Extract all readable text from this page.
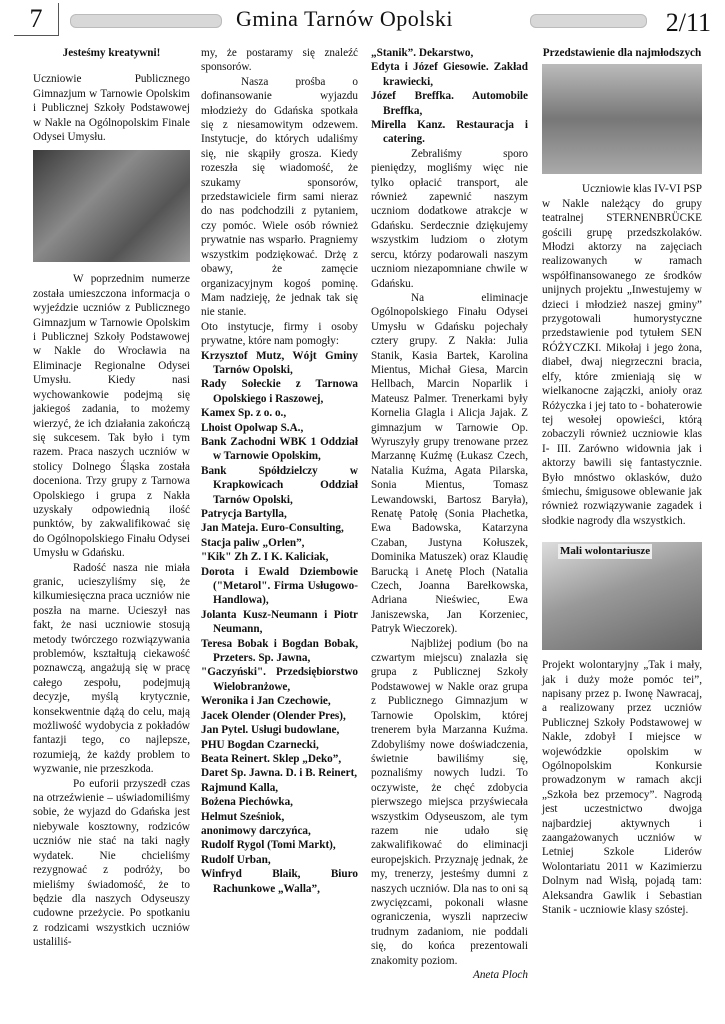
7	Gmina Tarnów Opolski	2/11

Jesteśmy kreatywni!

Uczniowie Publicznego Gimnazjum w Tarnowie Opolskim i Publicznej Szkoły Podstawowej w Nakle na Ogólnopolskim Finale Odysei Umysłu.

W poprzednim numerze została umieszczona informacja o wyjeździe uczniów z Publicznego Gimnazjum w Tarnowie Opolskim i Publicznej Szkoły Podstawowej w Nakle do Wrocławia na Eliminacje Regionalne Odysei Umysłu. Kiedy nasi wychowankowie podejmą się jakiegoś zadania, to możemy wierzyć, że ich działania zakończą się sukcesem. Tak było i tym razem. Praca naszych uczniów w stolicy Dolnego Śląska została doceniona. Trzy grupy z Tarnowa Opolskiego i grupa z Nakła uzyskały odpowiednią ilość punktów, by zakwalifikować się do Ogólnopolskiego Finału Odysei Umysłu w Gdańsku.

Radość nasza nie miała granic, ucieszyliśmy się, że kilkumiesięczna praca uczniów nie poszła na marne. Ucieszył nas fakt, że nasi uczniowie stosują metody twórczego rozwiązywania problemów, kształtują ciekawość poznawczą, angażują się w pracę całego zespołu, podejmują decyzje, myślą krytycznie, konsekwentnie dążą do celu, mają możliwość wydobycia z pokładów fantazji tego, co najlepsze, rozumieją, że każdy problem to wyzwanie, nie przeszkoda.

Po euforii przyszedł czas na otrzeźwienie – uświadomiliśmy sobie, że wyjazd do Gdańska jest niebywale kosztowny, rodziców uczniów nie stać na taki nagły wydatek. Nie chcieliśmy rezygnować z podróży, bo mieliśmy świadomość, że to będzie dla naszych Odyseuszy cudowne przeżycie. Po spotkaniu z rodzicami wszystkich uczniów ustaliliś-

my, że postaramy się znaleźć sponsorów.

Nasza prośba o dofinansowanie wyjazdu młodzieży do Gdańska spotkała się z niesamowitym odzewem. Instytucje, do których udaliśmy się, nie skąpiły grosza. Kiedy rozeszła się wiadomość, że szukamy sponsorów, przedstawiciele firm sami nieraz do nas podchodzili z pytaniem, czy pomóc. Wiele osób również prywatnie nas wsparło. Pragniemy wszystkim podziękować. Drżę z obawy, że zamęcie organizacyjnym kogoś pominę. Mam nadzieję, że jednak tak się nie stanie.

Oto instytucje, firmy i osoby prywatne, które nam pomogły:

Krzysztof Mutz, Wójt Gminy Tarnów Opolski,
Rady Sołeckie z Tarnowa Opolskiego i Raszowej,
Kamex Sp. z o. o.,
Lhoist Opolwap S.A.,
Bank Zachodni WBK 1 Oddział w Tarnowie Opolskim,
Bank Spółdzielczy w Krapkowicach Oddział Tarnów Opolski,
Patrycja Bartylla,
Jan Mateja. Euro-Consulting,
Stacja paliw „Orlen”,
"Kik" Zh Z. I K. Kaliciak,
Dorota i Ewald Dziembowie ("Metarol". Firma Usługowo-Handlowa),
Jolanta Kusz-Neumann i Piotr Neumann,
Teresa Bobak i Bogdan Bobak, Przeters. Sp. Jawna,
"Gaczyński". Przedsiębiorstwo Wielobranżowe,
Weronika i Jan Czechowie,
Jacek Olender (Olender Pres),
Jan Pytel. Usługi budowlane,
PHU Bogdan Czarnecki,
Beata Reinert. Sklep „Deko”,
Daret Sp. Jawna. D. i B. Reinert,
Rajmund Kalla,
Bożena Piechówka,
Helmut Sześniok,
anonimowy darczyńca,
Rudolf Rygol (Tomi Markt),
Rudolf Urban,
Winfryd Blaik, Biuro Rachunkowe „Walla”,
„Stanik”. Dekarstwo,
Edyta i Józef Giesowie. Zakład krawiecki,
Józef Breffka. Automobile Breffka,
Mirella Kanz. Restauracja i catering.

Zebraliśmy sporo pieniędzy, mogliśmy więc nie tylko opłacić transport, ale również zapewnić naszym uczniom dodatkowe atrakcje w Gdańsku. Serdecznie dziękujemy wszystkim ludziom o złotym sercu, którzy podarowali naszym uczniom niezapomniane chwile w Gdańsku.

Na eliminacje Ogólnopolskiego Finału Odysei Umysłu w Gdańsku pojechały cztery grupy. Z Nakła: Julia Stanik, Kasia Bartek, Karolina Mientus, Michał Giesa, Marcin Hellbach, Marcin Noparlik i Mateusz Palmer. Trenerkami były Kornelia Glagla i Alicja Jajak. Z gimnazjum w Tarnowie Op. Wyruszyły grupy trenowane przez Marzannę Kuźmę (Łukasz Czech, Natalia Kuźma, Agata Pilarska, Sonia Mientus, Tomasz Lewandowski, Bartosz Baryła), Renatę Patołę (Sonia Płachetka, Ewa Badowska, Katarzyna Czaban, Justyna Kołuszek, Dominika Matuszek) oraz Klaudię Barucką i Anetę Ploch (Natalia Czech, Joanna Barełkowska, Adriana Nieświec, Ewa Janiszewska, Jan Korzeniec, Patryk Wieczorek).

Najbliżej podium (bo na czwartym miejscu) znalazła się grupa z Publicznej Szkoły Podstawowej w Nakle oraz grupa z Publicznego Gimnazjum w Tarnowie Opolskim, której trenerem była Marzanna Kuźma. Zdobyliśmy nowe doświadczenia, świetnie bawiliśmy się, poznaliśmy nowych ludzi. To oczywiste, że chęć zdobycia pierwszego miejsca przyświecała wszystkim Odyseuszom, ale tym razem nie udało się zakwalifikować do eliminacji europejskich. Przyznaję jednak, że my, trenerzy, jesteśmy dumni z naszych uczniów. Dla nas to oni są zwycięzcami, pokonali własne ograniczenia, wyszli naprzeciw trudnym zadaniom, nie poddali się, do końca prezentowali znakomity poziom.

Aneta Ploch

Przedstawienie dla najmłodszych

Uczniowie klas IV-VI PSP w Nakle należący do grupy teatralnej STERNENBRÜCKE gościli grupę przedszkolaków. Młodzi aktorzy na zajęciach realizowanych w ramach współfinansowanego ze środków unijnych projektu „Inwestujemy w dzieci i młodzież naszej gminy” przygotowali humorystyczne przedstawienie pod tytułem SEN RÓŻYCZKI. Mikołaj i jego żona, diabeł, dwaj niegrzeczni bracia, elfy, które zmieniają się w wielkanocne zajączki, anioły oraz Różyczka i jej tato to - bohaterowie tej wesołej opowieści, którą zobaczyli również uczniowie klas I- III. Zarówno widownia jak i aktorzy bawili się fantastycznie. Było mnóstwo oklasków, dużo śmiechu, śmigusowe oblewanie jak również rozwiązywanie zagadek i słodkie nagrody dla wszystkich.

Mali wolontariusze

Projekt wolontaryjny „Tak i mały, jak i duży może pomóc tei”, napisany przez p. Iwonę Nawracaj, a realizowany przez uczniów Publicznej Szkoły Podstawowej w Nakle, zdobył I miejsce w wojewódzkie opolskim w Ogólnopolskim Konkursie prowadzonym w ramach akcji „Szkoła bez przemocy”. Nagrodą jest uczestnictwo dwojga najbardziej aktywnych i zaangażowanych uczniów w Letniej Szkole Liderów Wolontariatu 2011 w Kazimierzu Dolnym nad Wisłą, pojadą tam: Aleksandra Gawlik i Sebastian Stanik - uczniowie klasy szóstej.
